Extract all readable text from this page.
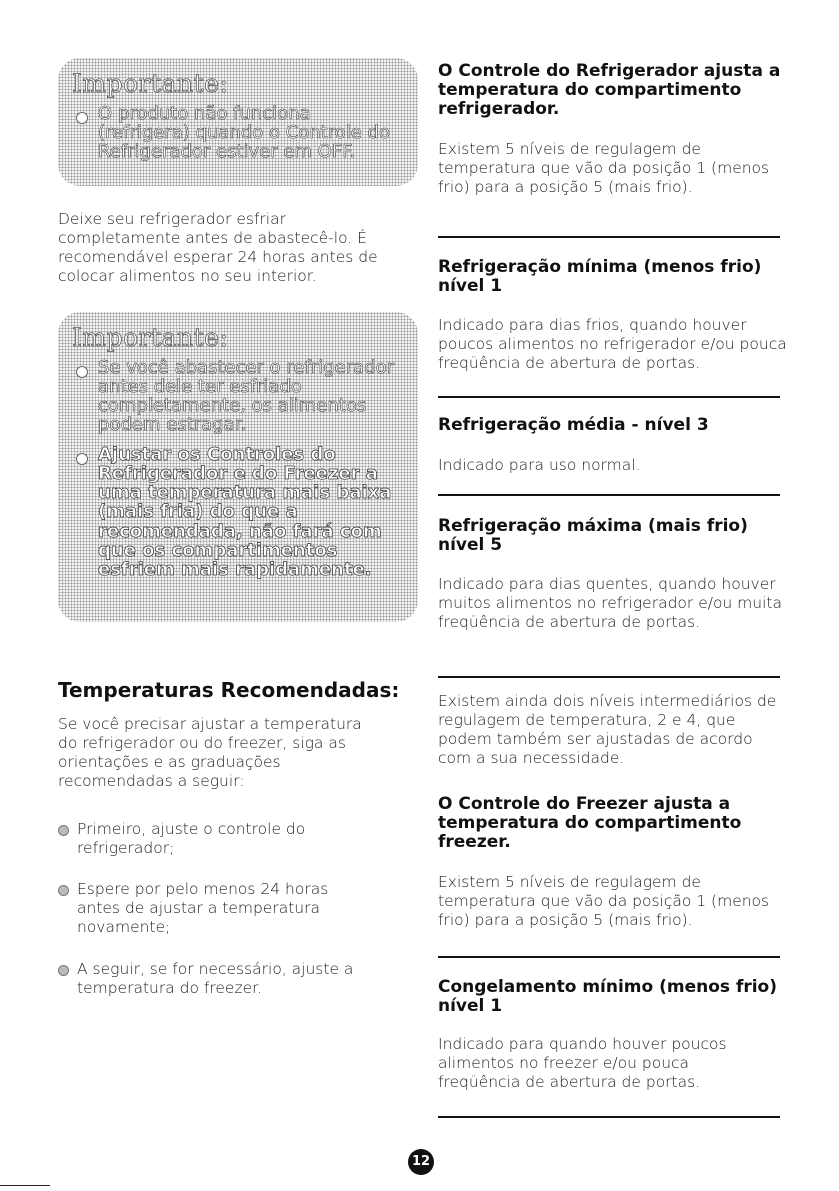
Importante:
O produto não funciona (refrigera) quando o Controle do Refrigerador estiver em OFF.

Deixe seu refrigerador esfriar completamente antes de abastecê-lo. É recomendável esperar 24 horas antes de colocar alimentos no seu interior.

Importante:
Se você abastecer o refrigerador antes dele ter esfriado completamente, os alimentos podem estragar.
Ajustar os Controles do Refrigerador e do Freezer a uma temperatura mais baixa (mais fria) do que a recomendada, não fará com que os compartimentos esfriem mais rapidamente.
Temperaturas Recomendadas:

Se você precisar ajustar a temperatura do refrigerador ou do freezer, siga as orientações e as graduações recomendadas a seguir:

Primeiro, ajuste o controle do refrigerador;
Espere por pelo menos 24 horas antes de ajustar a temperatura novamente;
A seguir, se for necessário, ajuste a temperatura do freezer.
O Controle do Refrigerador ajusta a temperatura do compartimento refrigerador.

Existem 5 níveis de regulagem de temperatura que vão da posição 1 (menos frio) para a posição 5 (mais frio).

Refrigeração mínima (menos frio) nível 1

Indicado para dias frios, quando houver poucos alimentos no refrigerador e/ou pouca freqüência de abertura de portas.

Refrigeração média - nível 3

Indicado para uso normal.

Refrigeração máxima (mais frio) nível 5

Indicado para dias quentes, quando houver muitos alimentos no refrigerador e/ou muita freqüência de abertura de portas.

Existem ainda dois níveis intermediários de regulagem de temperatura, 2 e 4, que podem também ser ajustadas de acordo com a sua necessidade.

O Controle do Freezer ajusta a temperatura do compartimento freezer.

Existem 5 níveis de regulagem de temperatura que vão da posição 1 (menos frio) para a posição 5 (mais frio).

Congelamento mínimo (menos frio) nível 1

Indicado para quando houver poucos alimentos no freezer e/ou pouca freqüência de abertura de portas.

12
